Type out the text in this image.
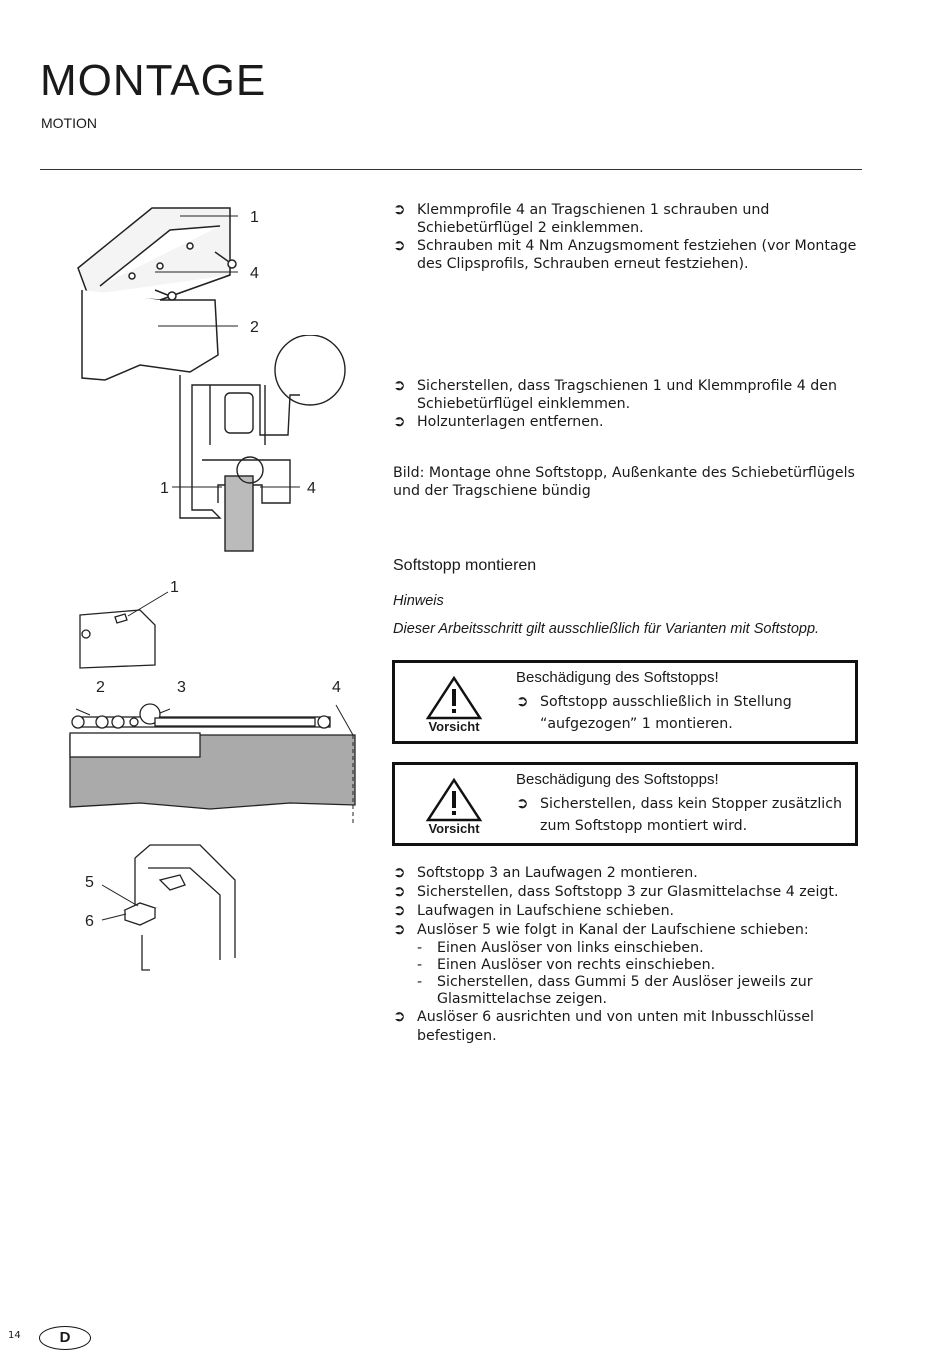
MONTAGE
MOTION
1
4
2
1	4
1
2	3	4
5
6

➲ Klemmprofile 4 an Tragschienen 1 schrauben und Schiebetürflügel 2 einklemmen.

➲ Schrauben mit 4 Nm Anzugsmoment festziehen (vor Montage des Clipsprofils, Schrauben erneut festziehen).

➲ Sicherstellen, dass Tragschienen 1 und Klemmprofile 4 den Schiebetürflügel einklemmen.

➲ Holzunterlagen entfernen.

Bild: Montage ohne Softstopp, Außenkante des Schiebetürflügels und der Tragschiene bündig
Softstopp montieren
Hinweis
Dieser Arbeitsschritt gilt ausschließlich für Varianten mit Softstopp.
Vorsicht
Beschädigung des Softstopps!

➲ Softstopp ausschließlich in Stellung “aufgezogen” 1 montieren.

Vorsicht
Beschädigung des Softstopps!

➲ Sicherstellen, dass kein Stopper zusätzlich zum Softstopp montiert wird.

➲ Softstopp 3 an Laufwagen 2 montieren.

➲ Sicherstellen, dass Softstopp 3 zur Glasmittelachse 4 zeigt.

➲ Laufwagen in Laufschiene schieben.

➲ Auslöser 5 wie folgt in Kanal der Laufschiene schieben:

- Einen Auslöser von links einschieben.

- Einen Auslöser von rechts einschieben.

- Sicherstellen, dass Gummi 5 der Auslöser jeweils zur Glasmittelachse zeigen.

➲ Auslöser 6 ausrichten und von unten mit Inbusschlüssel befestigen.

14	D
